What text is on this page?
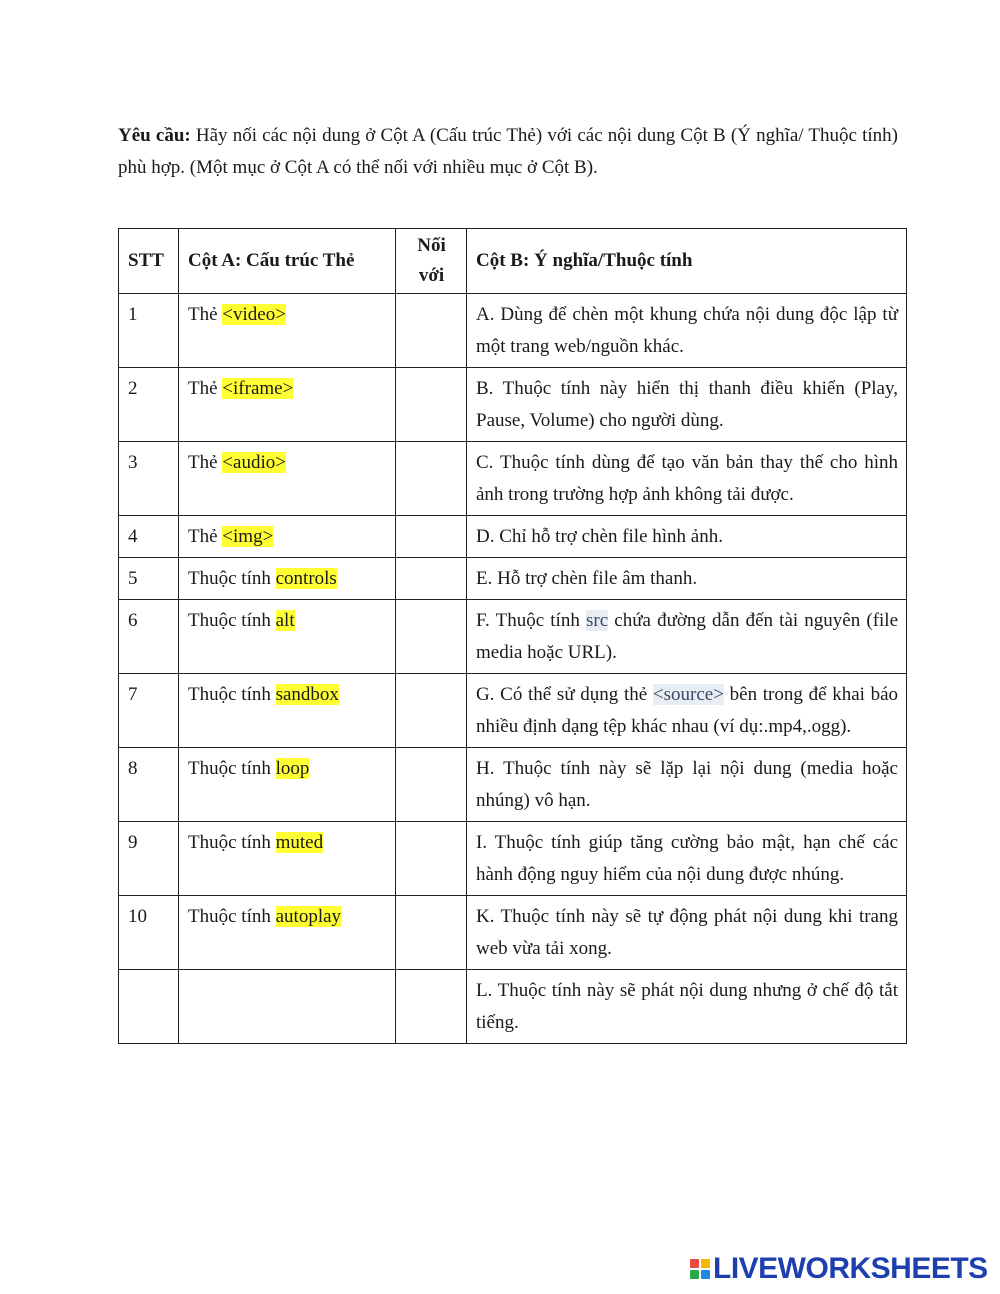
Yêu cầu: Hãy nối các nội dung ở Cột A (Cấu trúc Thẻ) với các nội dung Cột B (Ý nghĩa/ Thuộc tính) phù hợp. (Một mục ở Cột A có thể nối với nhiều mục ở Cột B).
STT	Cột A: Cấu trúc Thẻ	Nối với	Cột B: Ý nghĩa/Thuộc tính
1	Thẻ <video>		A. Dùng để chèn một khung chứa nội dung độc lập từ một trang web/nguồn khác.
2	Thẻ <iframe>		B. Thuộc tính này hiển thị thanh điều khiển (Play, Pause, Volume) cho người dùng.
3	Thẻ <audio>		C. Thuộc tính dùng để tạo văn bản thay thế cho hình ảnh trong trường hợp ảnh không tải được.
4	Thẻ <img>		D. Chỉ hỗ trợ chèn file hình ảnh.
5	Thuộc tính controls		E. Hỗ trợ chèn file âm thanh.
6	Thuộc tính alt		F. Thuộc tính src chứa đường dẫn đến tài nguyên (file media hoặc URL).
7	Thuộc tính sandbox		G. Có thể sử dụng thẻ <source> bên trong để khai báo nhiều định dạng tệp khác nhau (ví dụ:.mp4,.ogg).
8	Thuộc tính loop		H. Thuộc tính này sẽ lặp lại nội dung (media hoặc nhúng) vô hạn.
9	Thuộc tính muted		I. Thuộc tính giúp tăng cường bảo mật, hạn chế các hành động nguy hiểm của nội dung được nhúng.
10	Thuộc tính autoplay		K. Thuộc tính này sẽ tự động phát nội dung khi trang web vừa tải xong.
			L. Thuộc tính này sẽ phát nội dung nhưng ở chế độ tắt tiếng.
LIVEWORKSHEETS
